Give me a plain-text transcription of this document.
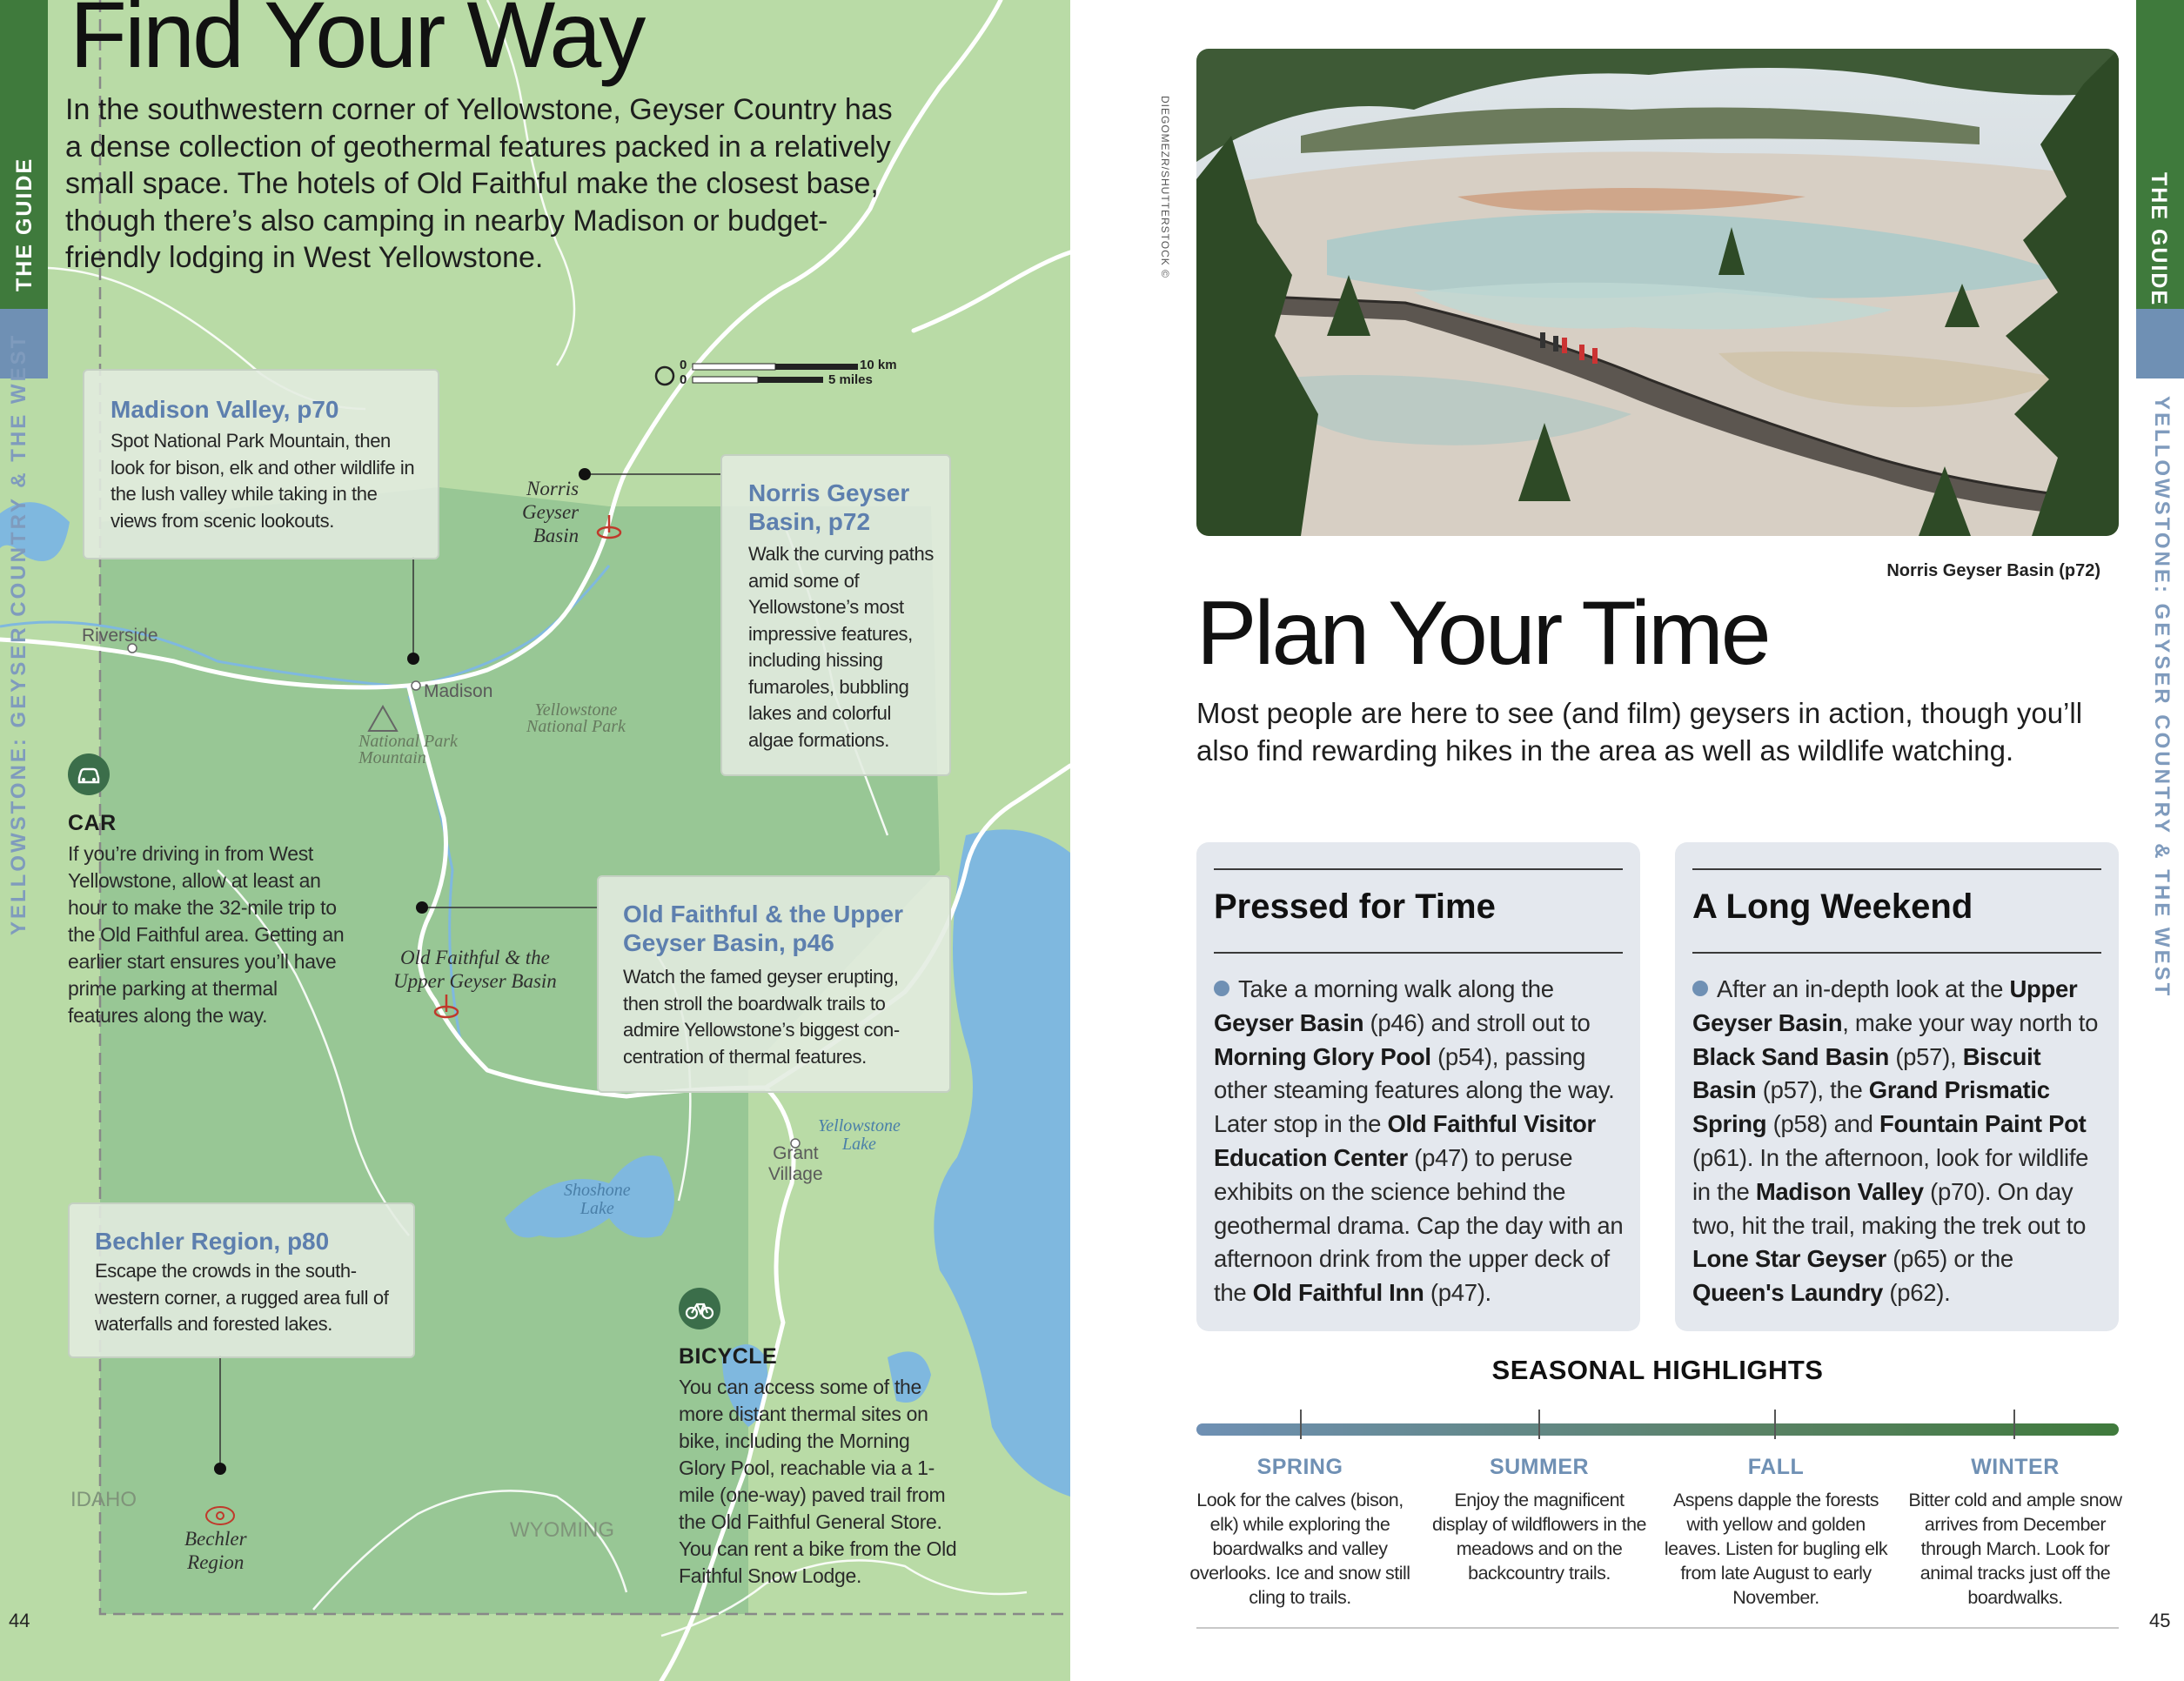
THE GUIDE
YELLOWSTONE: GEYSER COUNTRY & THE WEST
Find Your Way
In the southwestern corner of Yellowstone, Geyser Country has a dense collection of geothermal features packed in a relatively small space. The hotels of Old Faithful make the closest base, though there’s also camping in nearby Madison or budget-friendly lodging in West Yellowstone.
0
0
10 km
5 miles
Norris
Geyser
Basin
Riverside
Madison
National Park
Mountain
Yellowstone
National Park
Old Faithful & the
Upper Geyser Basin
Yellowstone
Lake
Grant
Village
Shoshone
Lake
IDAHO
WYOMING
Bechler
Region
Madison Valley, p70
Spot National Park Mountain, then look for bison, elk and other wildlife in the lush valley while taking in the views from scenic lookouts.
Norris Geyser
Basin, p72
Walk the curving paths amid some of Yellowstone’s most impressive features, including hissing fumaroles, bubbling lakes and colorful algae formations.
Old Faithful & the Upper
Geyser Basin, p46
Watch the famed geyser erupting, then stroll the boardwalk trails to admire Yellowstone’s biggest con-centration of thermal features.
Bechler Region, p80
Escape the crowds in the south-western corner, a rugged area full of waterfalls and forested lakes.
CAR
If you’re driving in from West Yellowstone, allow at least an hour to make the 32-mile trip to the Old Faithful area. Getting an earlier start ensures you’ll have prime parking at thermal features along the way.
BICYCLE
You can access some of the more distant thermal sites on bike, including the Morning Glory Pool, reachable via a 1-mile (one-way) paved trail from the Old Faithful General Store. You can rent a bike from the Old Faithful Snow Lodge.
44
DIEGOMEZR/SHUTTERSTOCK ©
Norris Geyser Basin (p72)
Plan Your Time
Most people are here to see (and film) geysers in action, though you’ll also find rewarding hikes in the area as well as wildlife watching.
Pressed for Time
Take a morning walk along the Geyser Basin (p46) and stroll out to Morning Glory Pool (p54), passing other steaming features along the way. Later stop in the Old Faithful Visitor Education Center (p47) to peruse exhibits on the science behind the geothermal drama. Cap the day with an afternoon drink from the upper deck of the Old Faithful Inn (p47).
A Long Weekend
After an in-depth look at the Upper Geyser Basin, make your way north to Black Sand Basin (p57), Biscuit Basin (p57), the Grand Prismatic Spring (p58) and Fountain Paint Pot (p61). In the afternoon, look for wildlife in the Madison Valley (p70). On day two, hit the trail, making the trek out to Lone Star Geyser (p65) or the Queen's Laundry (p62).
SEASONAL HIGHLIGHTS
SPRING
Look for the calves (bison, elk) while exploring the boardwalks and valley overlooks. Ice and snow still cling to trails.
SUMMER
Enjoy the magnificent display of wildflowers in the meadows and on the backcountry trails.
FALL
Aspens dapple the forests with yellow and golden leaves. Listen for bugling elk from late August to early November.
WINTER
Bitter cold and ample snow arrives from December through March. Look for animal tracks just off the boardwalks.
THE GUIDE
YELLOWSTONE: GEYSER COUNTRY & THE WEST
45
